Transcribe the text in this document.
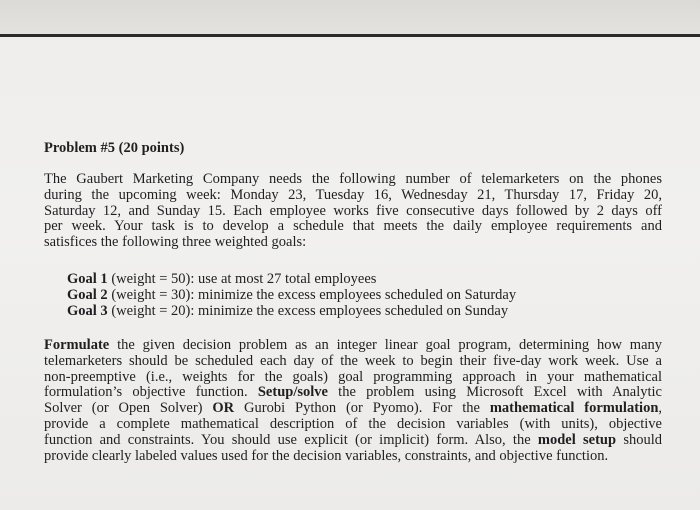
Problem #5 (20 points)
The Gaubert Marketing Company needs the following number of telemarketers on the phones
during the upcoming week: Monday 23, Tuesday 16, Wednesday 21, Thursday 17, Friday 20,
Saturday 12, and Sunday 15. Each employee works five consecutive days followed by 2 days off
per week. Your task is to develop a schedule that meets the daily employee requirements and
satisfices the following three weighted goals:
Goal 1 (weight = 50): use at most 27 total employees
Goal 2 (weight = 30): minimize the excess employees scheduled on Saturday
Goal 3 (weight = 20): minimize the excess employees scheduled on Sunday
Formulate the given decision problem as an integer linear goal program, determining how many
telemarketers should be scheduled each day of the week to begin their five-day work week. Use a
non-preemptive (i.e., weights for the goals) goal programming approach in your mathematical
formulation’s objective function. Setup/solve the problem using Microsoft Excel with Analytic
Solver (or Open Solver) OR Gurobi Python (or Pyomo). For the mathematical formulation,
provide a complete mathematical description of the decision variables (with units), objective
function and constraints. You should use explicit (or implicit) form. Also, the model setup should
provide clearly labeled values used for the decision variables, constraints, and objective function.
